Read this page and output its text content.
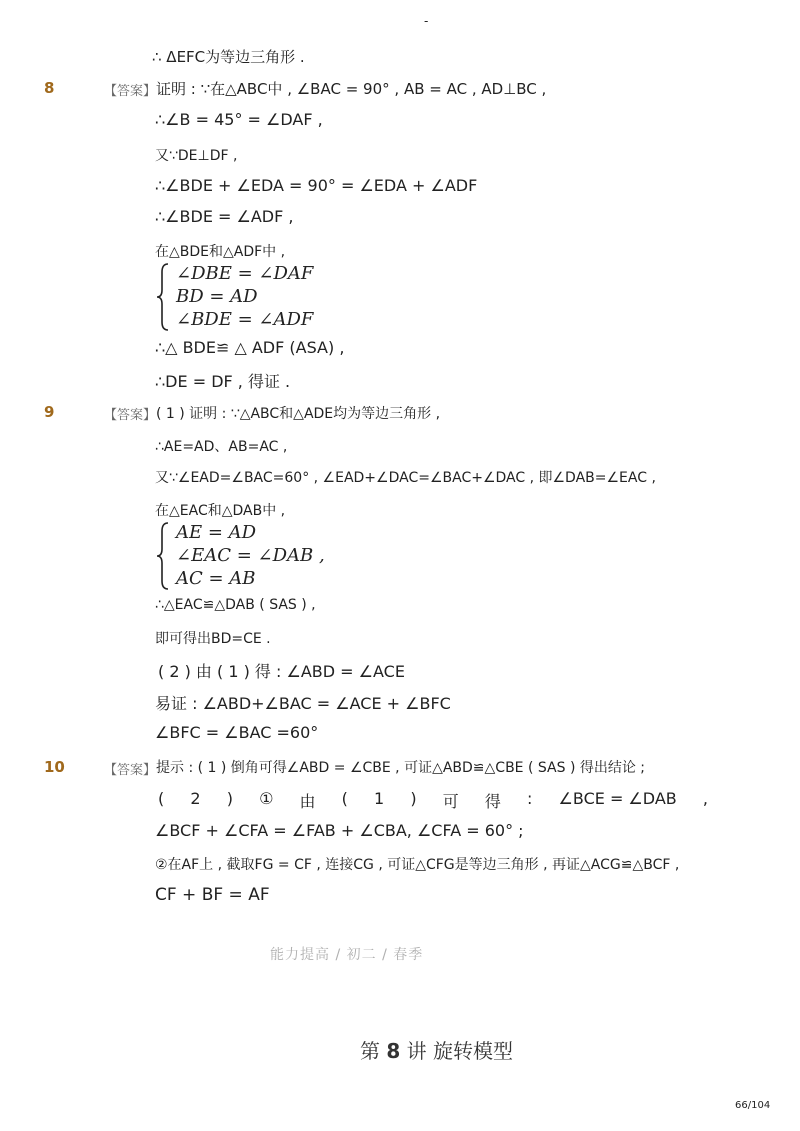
-
∴ ΔEFC为等边三角形 .
8	【答案】 证明 : ∵在△ABC中 , ∠BAC = 90° , AB = AC , AD⊥BC ,
∴∠B = 45° = ∠DAF ,
又∵DE⊥DF ,
∴∠BDE + ∠EDA = 90° = ∠EDA + ∠ADF
∴∠BDE = ∠ADF ,
在△BDE和△ADF中 ,
∠DBE = ∠DAF
BD = AD
∠BDE = ∠ADF
∴△ BDE≌ △ ADF (ASA) ,
∴DE = DF , 得证 .
9	【答案】 ( 1 ) 证明 : ∵△ABC和△ADE均为等边三角形 ,
∴AE=AD、AB=AC ,
又∵∠EAD=∠BAC=60° , ∠EAD+∠DAC=∠BAC+∠DAC , 即∠DAB=∠EAC ,
在△EAC和△DAB中 ,
AE = AD
∠EAC = ∠DAB ,
AC = AB
∴△EAC≌△DAB ( SAS ) ,
即可得出BD=CE .
( 2 ) 由 ( 1 ) 得 : ∠ABD = ∠ACE
易证 : ∠ABD+∠BAC = ∠ACE + ∠BFC
∠BFC = ∠BAC =60°
10	【答案】 提示 : ( 1 ) 倒角可得∠ABD = ∠CBE , 可证△ABD≌△CBE ( SAS ) 得出结论 ;
( 2 ) ① 由 ( 1 ) 可 得 : ∠BCE = ∠DAB ,
∠BCF + ∠CFA = ∠FAB + ∠CBA, ∠CFA = 60° ;
②在AF上 , 截取FG = CF , 连接CG , 可证△CFG是等边三角形 , 再证△ACG≌△BCF ,
CF + BF = AF
能力提高 / 初二 / 春季
第 8 讲 旋转模型
66/104
